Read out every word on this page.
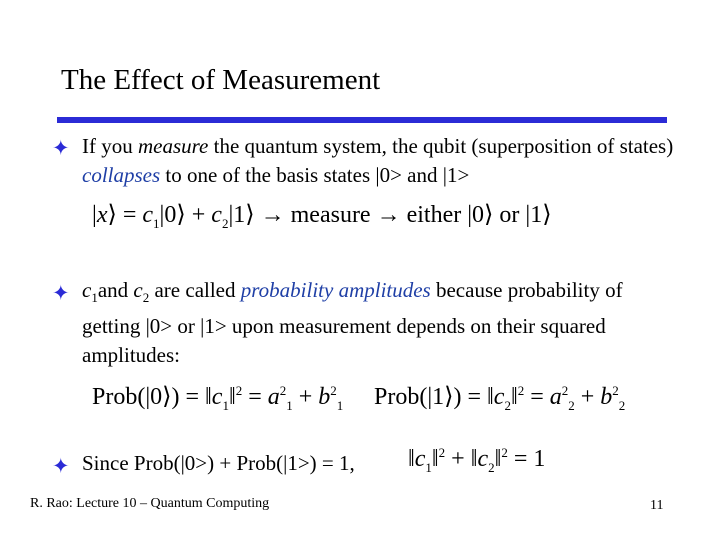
The Effect of Measurement
✦ If you measure the quantum system, the qubit (superposition of states) collapses to one of the basis states |0> and |1>
|x⟩ = $c_1|0⟩$ + $c_2|1⟩$ → measure → either |0⟩ or |1⟩
✦ $c_1and$ $c_2$ are called probability amplitudes because probability of getting |0> or |1> upon measurement depends on their squared amplitudes:
Prob(|0⟩) = $‖c_1‖^2 = a^2_1 + b^2_1$ Prob(|1⟩) = $‖c_2‖^2 = a^2_2 + b^2_2$
✦ Since Prob(|0>) + Prob(|1>) = 1,	$‖c_1‖^2$ + $‖c_2‖^2 = 1$
R. Rao: Lecture 10 – Quantum Computing	11
